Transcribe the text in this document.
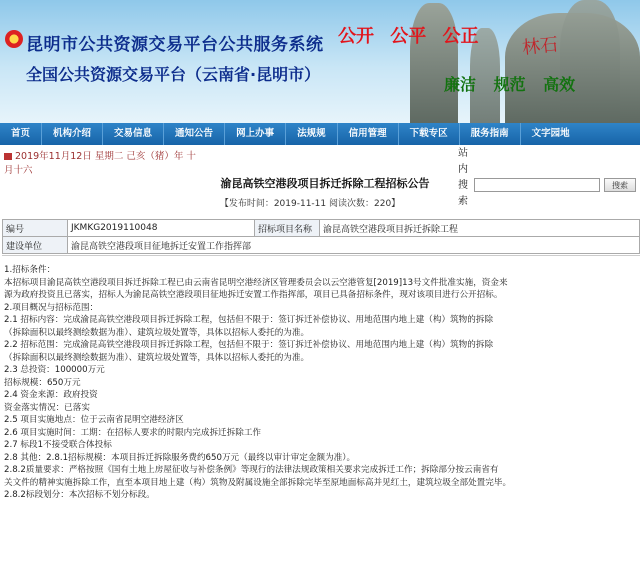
昆明市公共资源交易平台公共服务系统
全国公共资源交易平台（云南省·昆明市）
公开 公平 公正 林石
廉洁 规范 高效
首页	机构介绍	交易信息	通知公告	网上办事	法规规	信用管理	下载专区	服务指南	文字园地
2019年11月12日 星期二 己亥（猪）年 十
月十六
站内搜索
搜索
渝昆高铁空港段项目拆迁拆除工程招标公告
【发布时间：2019-11-11 阅读次数：220】
编号	JKMKG2019110048	招标项目名称	渝昆高铁空港段项目拆迁拆除工程
建设单位	渝昆高铁空港段项目征地拆迁安置工作指挥部		

1.招标条件：

本招标项目渝昆高铁空港段项目拆迁拆除工程已由云南省昆明空港经济区管理委员会以云空港管复[2019]13号文件批准实施，资金来

源为政府投资且已落实，招标人为渝昆高铁空港段项目征地拆迁安置工作指挥部，项目已具备招标条件，现对该项目进行公开招标。

2.项目概况与招标范围：

2.1 招标内容：完成渝昆高铁空港段项目拆迁拆除工程，包括但不限于：签订拆迁补偿协议、用地范围内地上建（构）筑物的拆除

（拆除面积以最终测绘数据为准）、建筑垃圾处置等，具体以招标人委托的为准。

2.2 招标范围：完成渝昆高铁空港段项目拆迁拆除工程，包括但不限于：签订拆迁补偿协议、用地范围内地上建（构）筑物的拆除

（拆除面积以最终测绘数据为准）、建筑垃圾处置等，具体以招标人委托的为准。

2.3 总投资：100000万元

招标规模：650万元

2.4 资金来源：政府投资

资金落实情况：已落实

2.5 项目实施地点：位于云南省昆明空港经济区

2.6 项目实施时间：工期：在招标人要求的时限内完成拆迁拆除工作

2.7 标段1不接受联合体投标

2.8 其他：2.8.1招标规模：本项目拆迁拆除服务费约650万元（最终以审计审定金额为准）。

2.8.2质量要求：严格按照《国有土地上房屋征收与补偿条例》等现行的法律法规政策相关要求完成拆迁工作；拆除部分按云南省有

关文件的精神实施拆除工作，直至本项目地上建（构）筑物及附属设施全部拆除完毕至原地面标高并见红土，建筑垃圾全部处置完毕。

2.8.2标段划分：本次招标不划分标段。
